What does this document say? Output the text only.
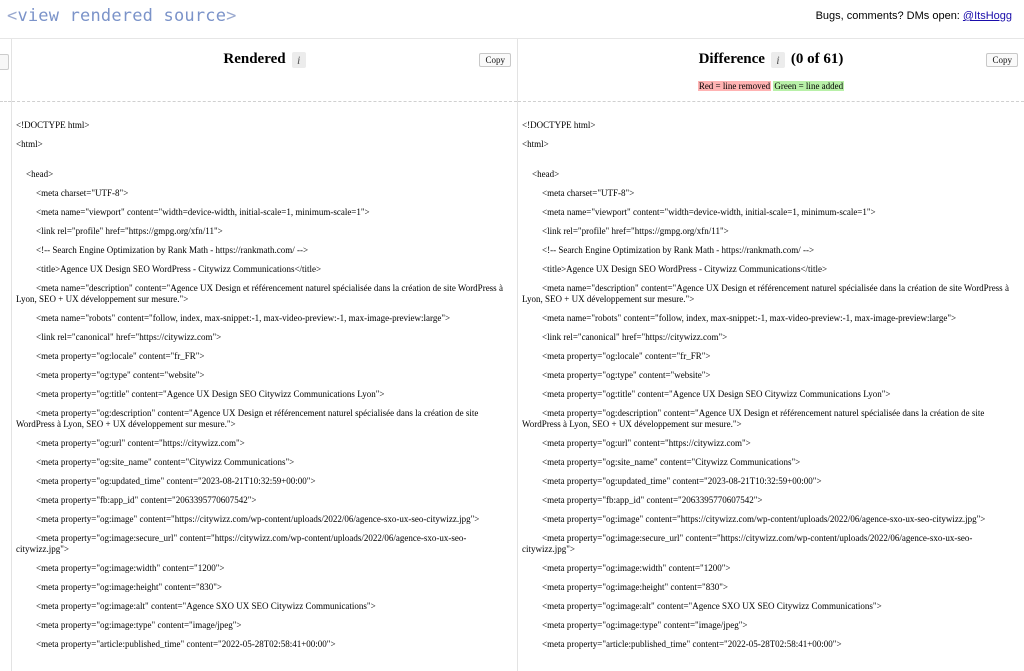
<view rendered source>	Bugs, comments? DMs open: @ItsHogg
Rendered i	Copy
<!DOCTYPE html>
<html>
<head>
<meta charset="UTF-8">
<meta name="viewport" content="width=device-width, initial-scale=1, minimum-scale=1">
<link rel="profile" href="https://gmpg.org/xfn/11">
<!-- Search Engine Optimization by Rank Math - https://rankmath.com/ -->
<title>Agence UX Design SEO WordPress - Citywizz Communications</title>
<meta name="description" content="Agence UX Design et référencement naturel spécialisée dans la création de site WordPress à Lyon, SEO + UX développement sur mesure.">
<meta name="robots" content="follow, index, max-snippet:-1, max-video-preview:-1, max-image-preview:large">
<link rel="canonical" href="https://citywizz.com">
<meta property="og:locale" content="fr_FR">
<meta property="og:type" content="website">
<meta property="og:title" content="Agence UX Design SEO Citywizz Communications Lyon">
<meta property="og:description" content="Agence UX Design et référencement naturel spécialisée dans la création de site WordPress à Lyon, SEO + UX développement sur mesure.">
<meta property="og:url" content="https://citywizz.com">
<meta property="og:site_name" content="Citywizz Communications">
<meta property="og:updated_time" content="2023-08-21T10:32:59+00:00">
<meta property="fb:app_id" content="2063395770607542">
<meta property="og:image" content="https://citywizz.com/wp-content/uploads/2022/06/agence-sxo-ux-seo-citywizz.jpg">
<meta property="og:image:secure_url" content="https://citywizz.com/wp-content/uploads/2022/06/agence-sxo-ux-seo-citywizz.jpg">
<meta property="og:image:width" content="1200">
<meta property="og:image:height" content="830">
<meta property="og:image:alt" content="Agence SXO UX SEO Citywizz Communications">
<meta property="og:image:type" content="image/jpeg">
<meta property="article:published_time" content="2022-05-28T02:58:41+00:00">
Difference i (0 of 61)	Copy
Red = line removed Green = line added
<!DOCTYPE html>
<html>
<head>
<meta charset="UTF-8">
<meta name="viewport" content="width=device-width, initial-scale=1, minimum-scale=1">
<link rel="profile" href="https://gmpg.org/xfn/11">
<!-- Search Engine Optimization by Rank Math - https://rankmath.com/ -->
<title>Agence UX Design SEO WordPress - Citywizz Communications</title>
<meta name="description" content="Agence UX Design et référencement naturel spécialisée dans la création de site WordPress à Lyon, SEO + UX développement sur mesure.">
<meta name="robots" content="follow, index, max-snippet:-1, max-video-preview:-1, max-image-preview:large">
<link rel="canonical" href="https://citywizz.com">
<meta property="og:locale" content="fr_FR">
<meta property="og:type" content="website">
<meta property="og:title" content="Agence UX Design SEO Citywizz Communications Lyon">
<meta property="og:description" content="Agence UX Design et référencement naturel spécialisée dans la création de site WordPress à Lyon, SEO + UX développement sur mesure.">
<meta property="og:url" content="https://citywizz.com">
<meta property="og:site_name" content="Citywizz Communications">
<meta property="og:updated_time" content="2023-08-21T10:32:59+00:00">
<meta property="fb:app_id" content="2063395770607542">
<meta property="og:image" content="https://citywizz.com/wp-content/uploads/2022/06/agence-sxo-ux-seo-citywizz.jpg">
<meta property="og:image:secure_url" content="https://citywizz.com/wp-content/uploads/2022/06/agence-sxo-ux-seo-citywizz.jpg">
<meta property="og:image:width" content="1200">
<meta property="og:image:height" content="830">
<meta property="og:image:alt" content="Agence SXO UX SEO Citywizz Communications">
<meta property="og:image:type" content="image/jpeg">
<meta property="article:published_time" content="2022-05-28T02:58:41+00:00">
